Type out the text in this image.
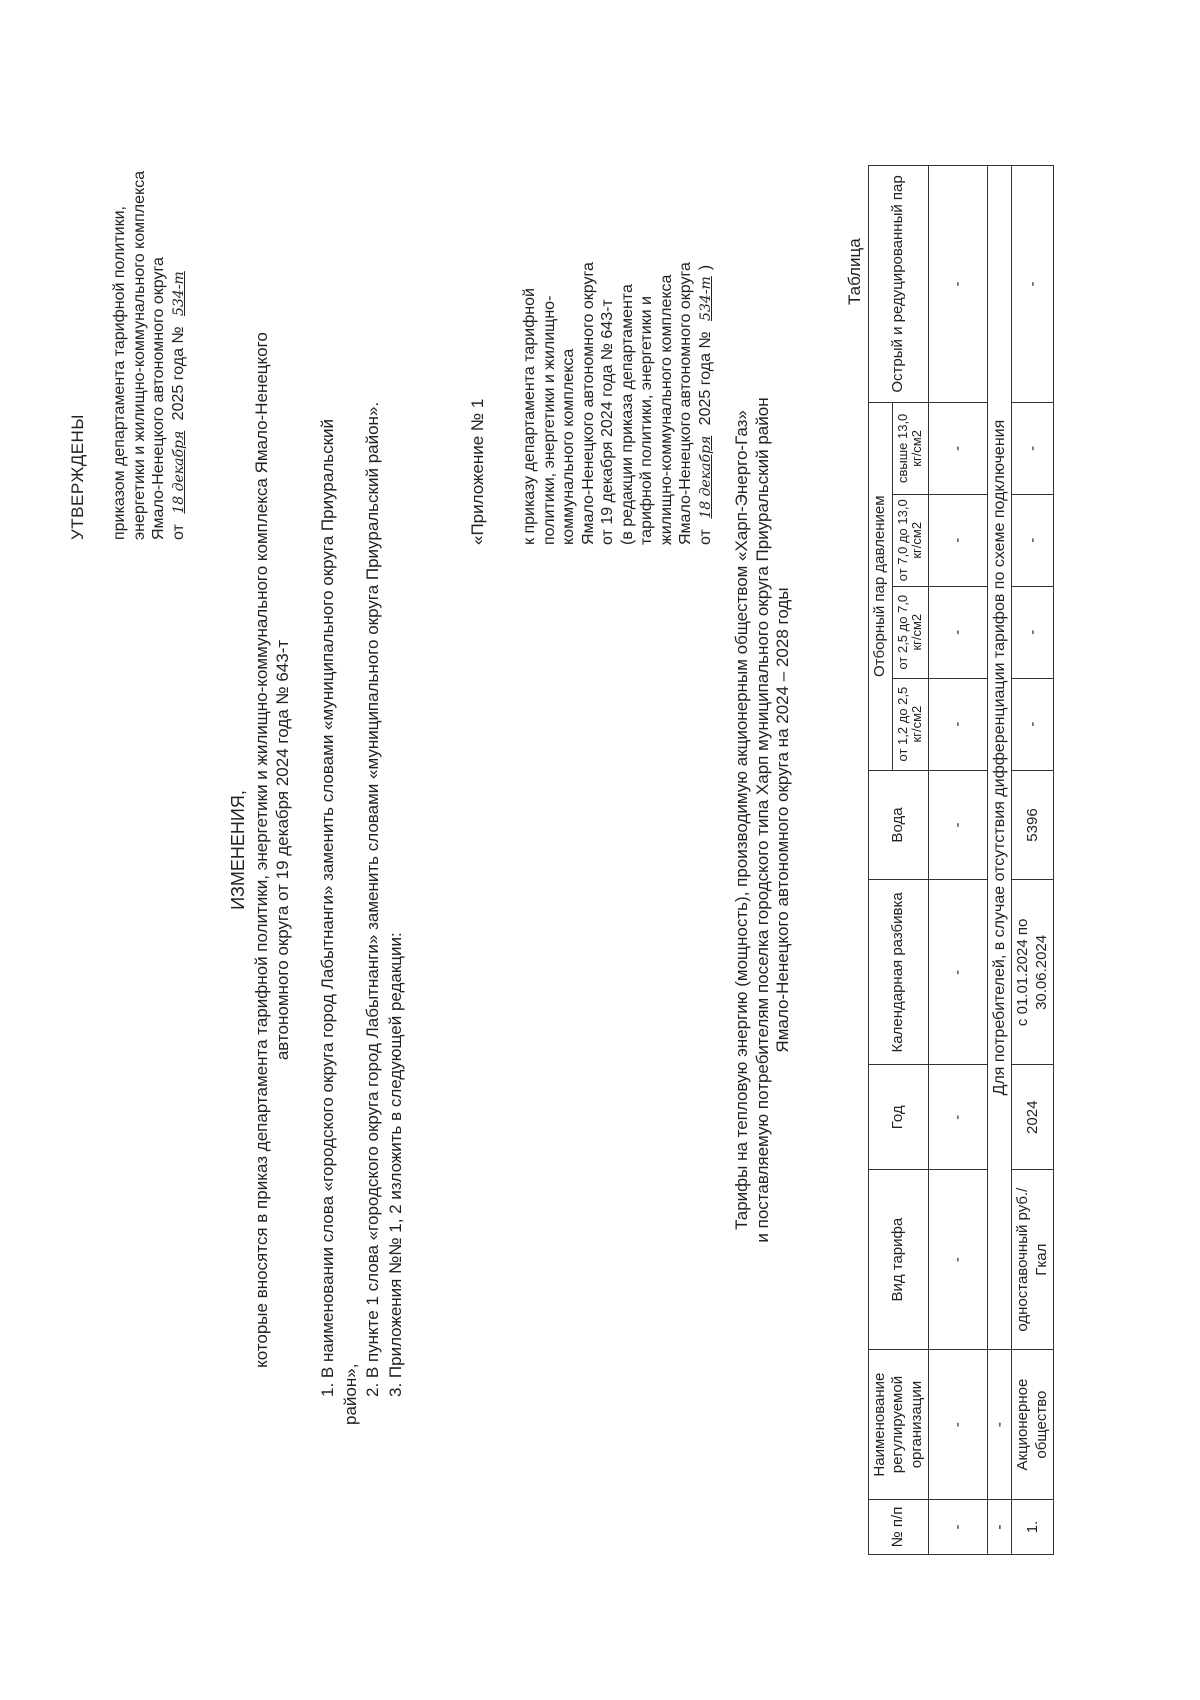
УТВЕРЖДЕНЫ приказом департамента тарифной политики, энергетики и жилищно-коммунального комплекса Ямало-Ненецкого автономного округа от 18 декабря 2025 года № 534-т
ИЗМЕНЕНИЯ, которые вносятся в приказ департамента тарифной политики, энергетики и жилищно-коммунального комплекса Ямало-Ненецкого автономного округа от 19 декабря 2024 года № 643-т 1. В наименовании слова «городского округа город Лабытнанги» заменить словами «муниципального округа Приуральский район», 2. В пункте 1 слова «городского округа город Лабытнанги» заменить словами «муниципального округа Приуральский район». 3. Приложения №№ 1, 2 изложить в следующей редакции:
«Приложение № 1 к приказу департамента тарифной политики, энергетики и жилищно- коммунального комплекса Ямало-Ненецкого автономного округа от 19 декабря 2024 года № 643-т (в редакции приказа департамента тарифной политики, энергетики и жилищно-коммунального комплекса Ямало-Ненецкого автономного округа от 18 декабря 2025 года № 534-т)
Тарифы на тепловую энергию (мощность), производимую акционерным обществом «Харп-Энерго-Газ» и поставляемую потребителям поселка городского типа Харп муниципального округа Приуральский район Ямало-Ненецкого автономного округа на 2024 – 2028 годы
Таблица
№ п/п	Наименование регулируемой организации	Вид тарифа	Год	Календарная разбивка	Вода	Отборный пар давлением				Острый и редуцированный пар
						от 1,2 до 2,5 кг/см2	от 2,5 до 7,0 кг/см2	от 7,0 до 13,0 кг/см2	свыше 13,0 кг/см2	
-	-	-	-	-	-	-	-	-	-	-
-	-	Для потребителей, в случае отсутствия дифференциации тарифов по схеме подключения								
1.	Акционерное общество	одноставочный руб./Гкал	2024	с 01.01.2024 по 30.06.2024	5396	-	-	-	-	-
